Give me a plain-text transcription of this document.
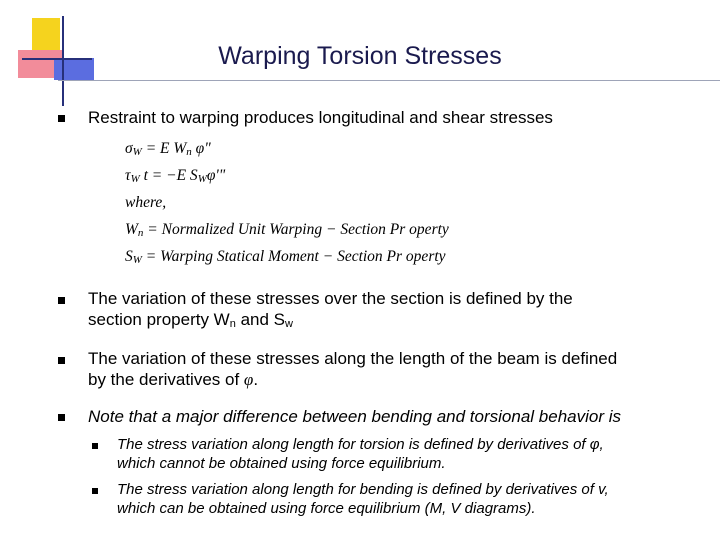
Warping Torsion Stresses
Restraint to warping produces longitudinal and shear stresses
$\sigma_W = E$ $W_n$ φ"
$\tau_W$ t = −E $S_W\varphi'$"
where,
$W_n$ = Normalized Unit Warping − Section Pr operty
$S_W$ = Warping Statical Moment − Section Pr operty
The variation of these stresses over the section is defined by the
section property $W_n$ and $S_w$
The variation of these stresses along the length of the beam is defined
by the derivatives of φ.
Note that a major difference between bending and torsional behavior is
The stress variation along length for torsion is defined by derivatives of φ,
which cannot be obtained using force equilibrium.
The stress variation along length for bending is defined by derivatives of v,
which can be obtained using force equilibrium (M, V diagrams).
